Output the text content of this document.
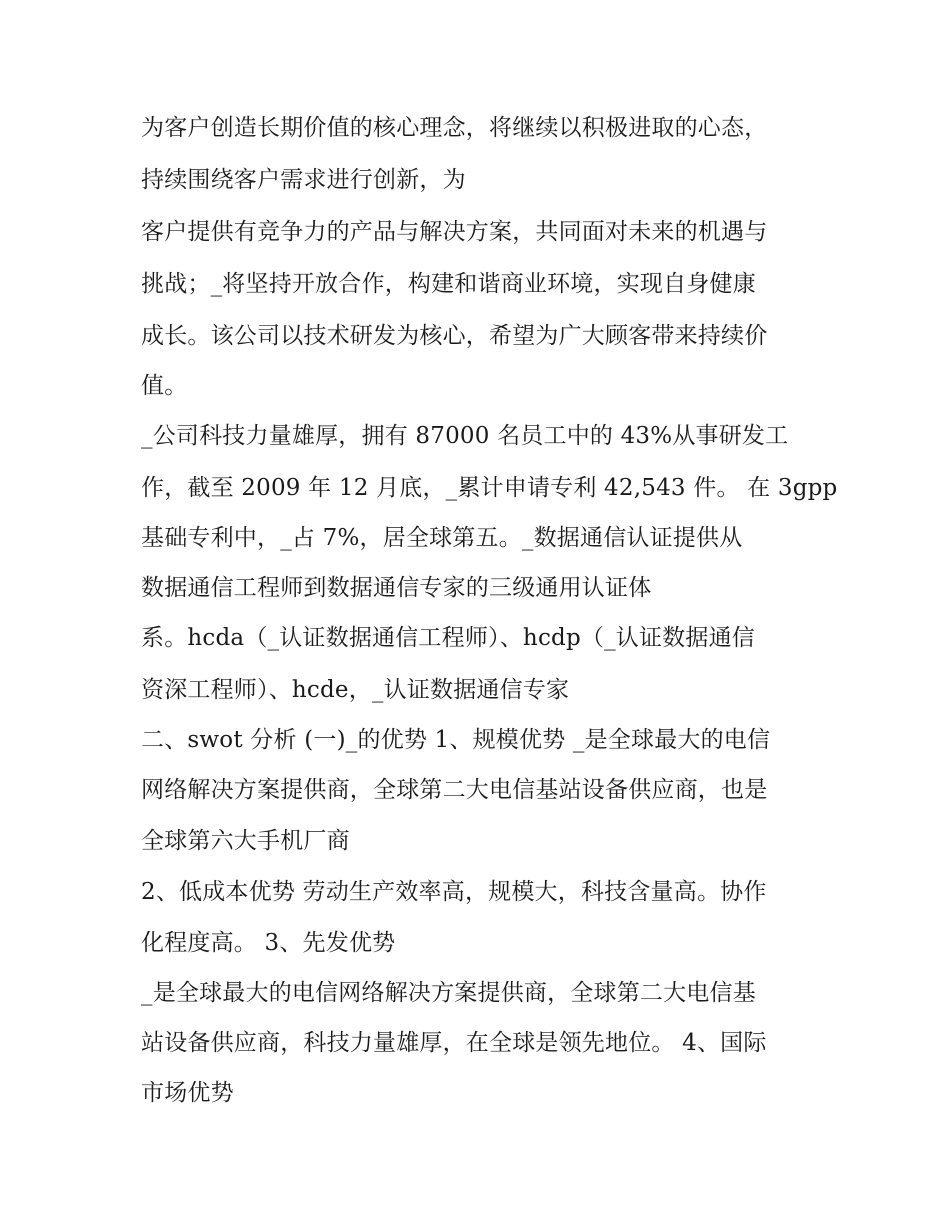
为客户创造长期价值的核心理念，将继续以积极进取的心态，
持续围绕客户需求进行创新，为
客户提供有竞争力的产品与解决方案，共同面对未来的机遇与
挑战；_将坚持开放合作，构建和谐商业环境，实现自身健康
成长。该公司以技术研发为核心，希望为广大顾客带来持续价
值。
_公司科技力量雄厚，拥有 87000 名员工中的 43%从事研发工
作，截至 2009 年 12 月底，_累计申请专利 42,543 件。 在 3gpp
基础专利中，_占 7%，居全球第五。_数据通信认证提供从
数据通信工程师到数据通信专家的三级通用认证体
系。hcda（_认证数据通信工程师）、hcdp（_认证数据通信
资深工程师）、hcde，_认证数据通信专家
二、swot 分析 (一)_的优势 1、规模优势 _是全球最大的电信
网络解决方案提供商，全球第二大电信基站设备供应商，也是
全球第六大手机厂商
2、低成本优势 劳动生产效率高，规模大，科技含量高。协作
化程度高。 3、先发优势
_是全球最大的电信网络解决方案提供商，全球第二大电信基
站设备供应商，科技力量雄厚，在全球是领先地位。 4、国际
市场优势
